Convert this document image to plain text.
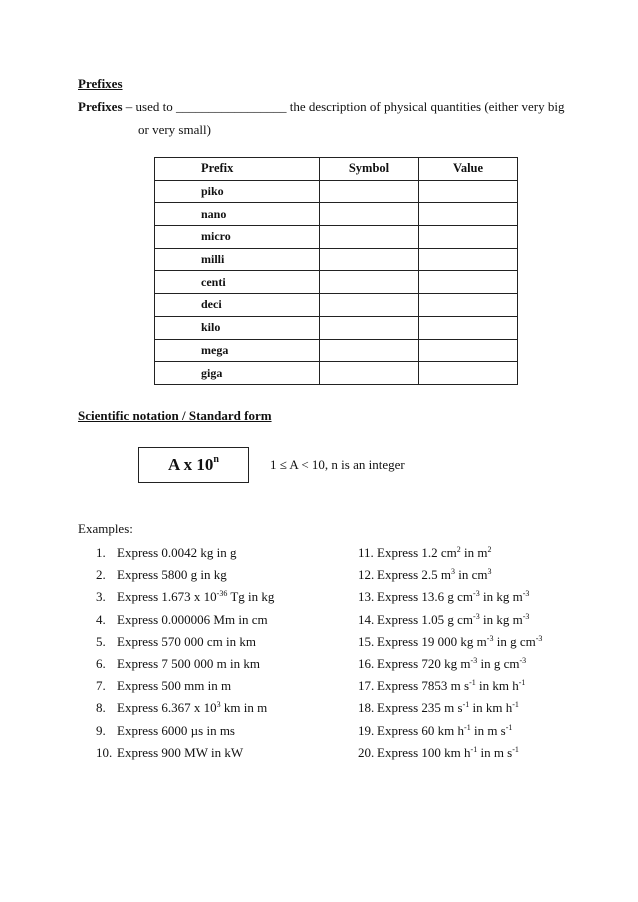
Prefixes
Prefixes – used to _________________ the description of physical quantities (either very big
or very small)
Prefix	Symbol	Value
piko		
nano		
micro		
milli		
centi		
deci		
kilo		
mega		
giga		
Scientific notation / Standard form
A x 10$^n$	1 ≤ A < 10, n is an integer
Examples:
1. Express 0.0042 kg in g
2. Express 5800 g in kg
3. Express 1.673 x $10^{-36}$ Tg in kg
4. Express 0.000006 Mm in cm
5. Express 570 000 cm in km
6. Express 7 500 000 m in km
7. Express 500 mm in m
8. Express 6.367 x $10^3$ km in m
9. Express 6000 µs in ms
10. Express 900 MW in kW
11. Express 1.2 $cm^2$ in $m^2$
12. Express 2.5 $m^3$ in $cm^3$
13. Express 13.6 g $cm^{-3}$ in kg $m^{-3}$
14. Express 1.05 g $cm^{-3}$ in kg $m^{-3}$
15. Express 19 000 kg $m^{-3}$ in g $cm^{-3}$
16. Express 720 kg $m^{-3}$ in g $cm^{-3}$
17. Express 7853 m $s^{-1}$ in km $h^{-1}$
18. Express 235 m $s^{-1}$ in km $h^{-1}$
19. Express 60 km $h^{-1}$ in m $s^{-1}$
20. Express 100 km $h^{-1}$ in m $s^{-1}$
